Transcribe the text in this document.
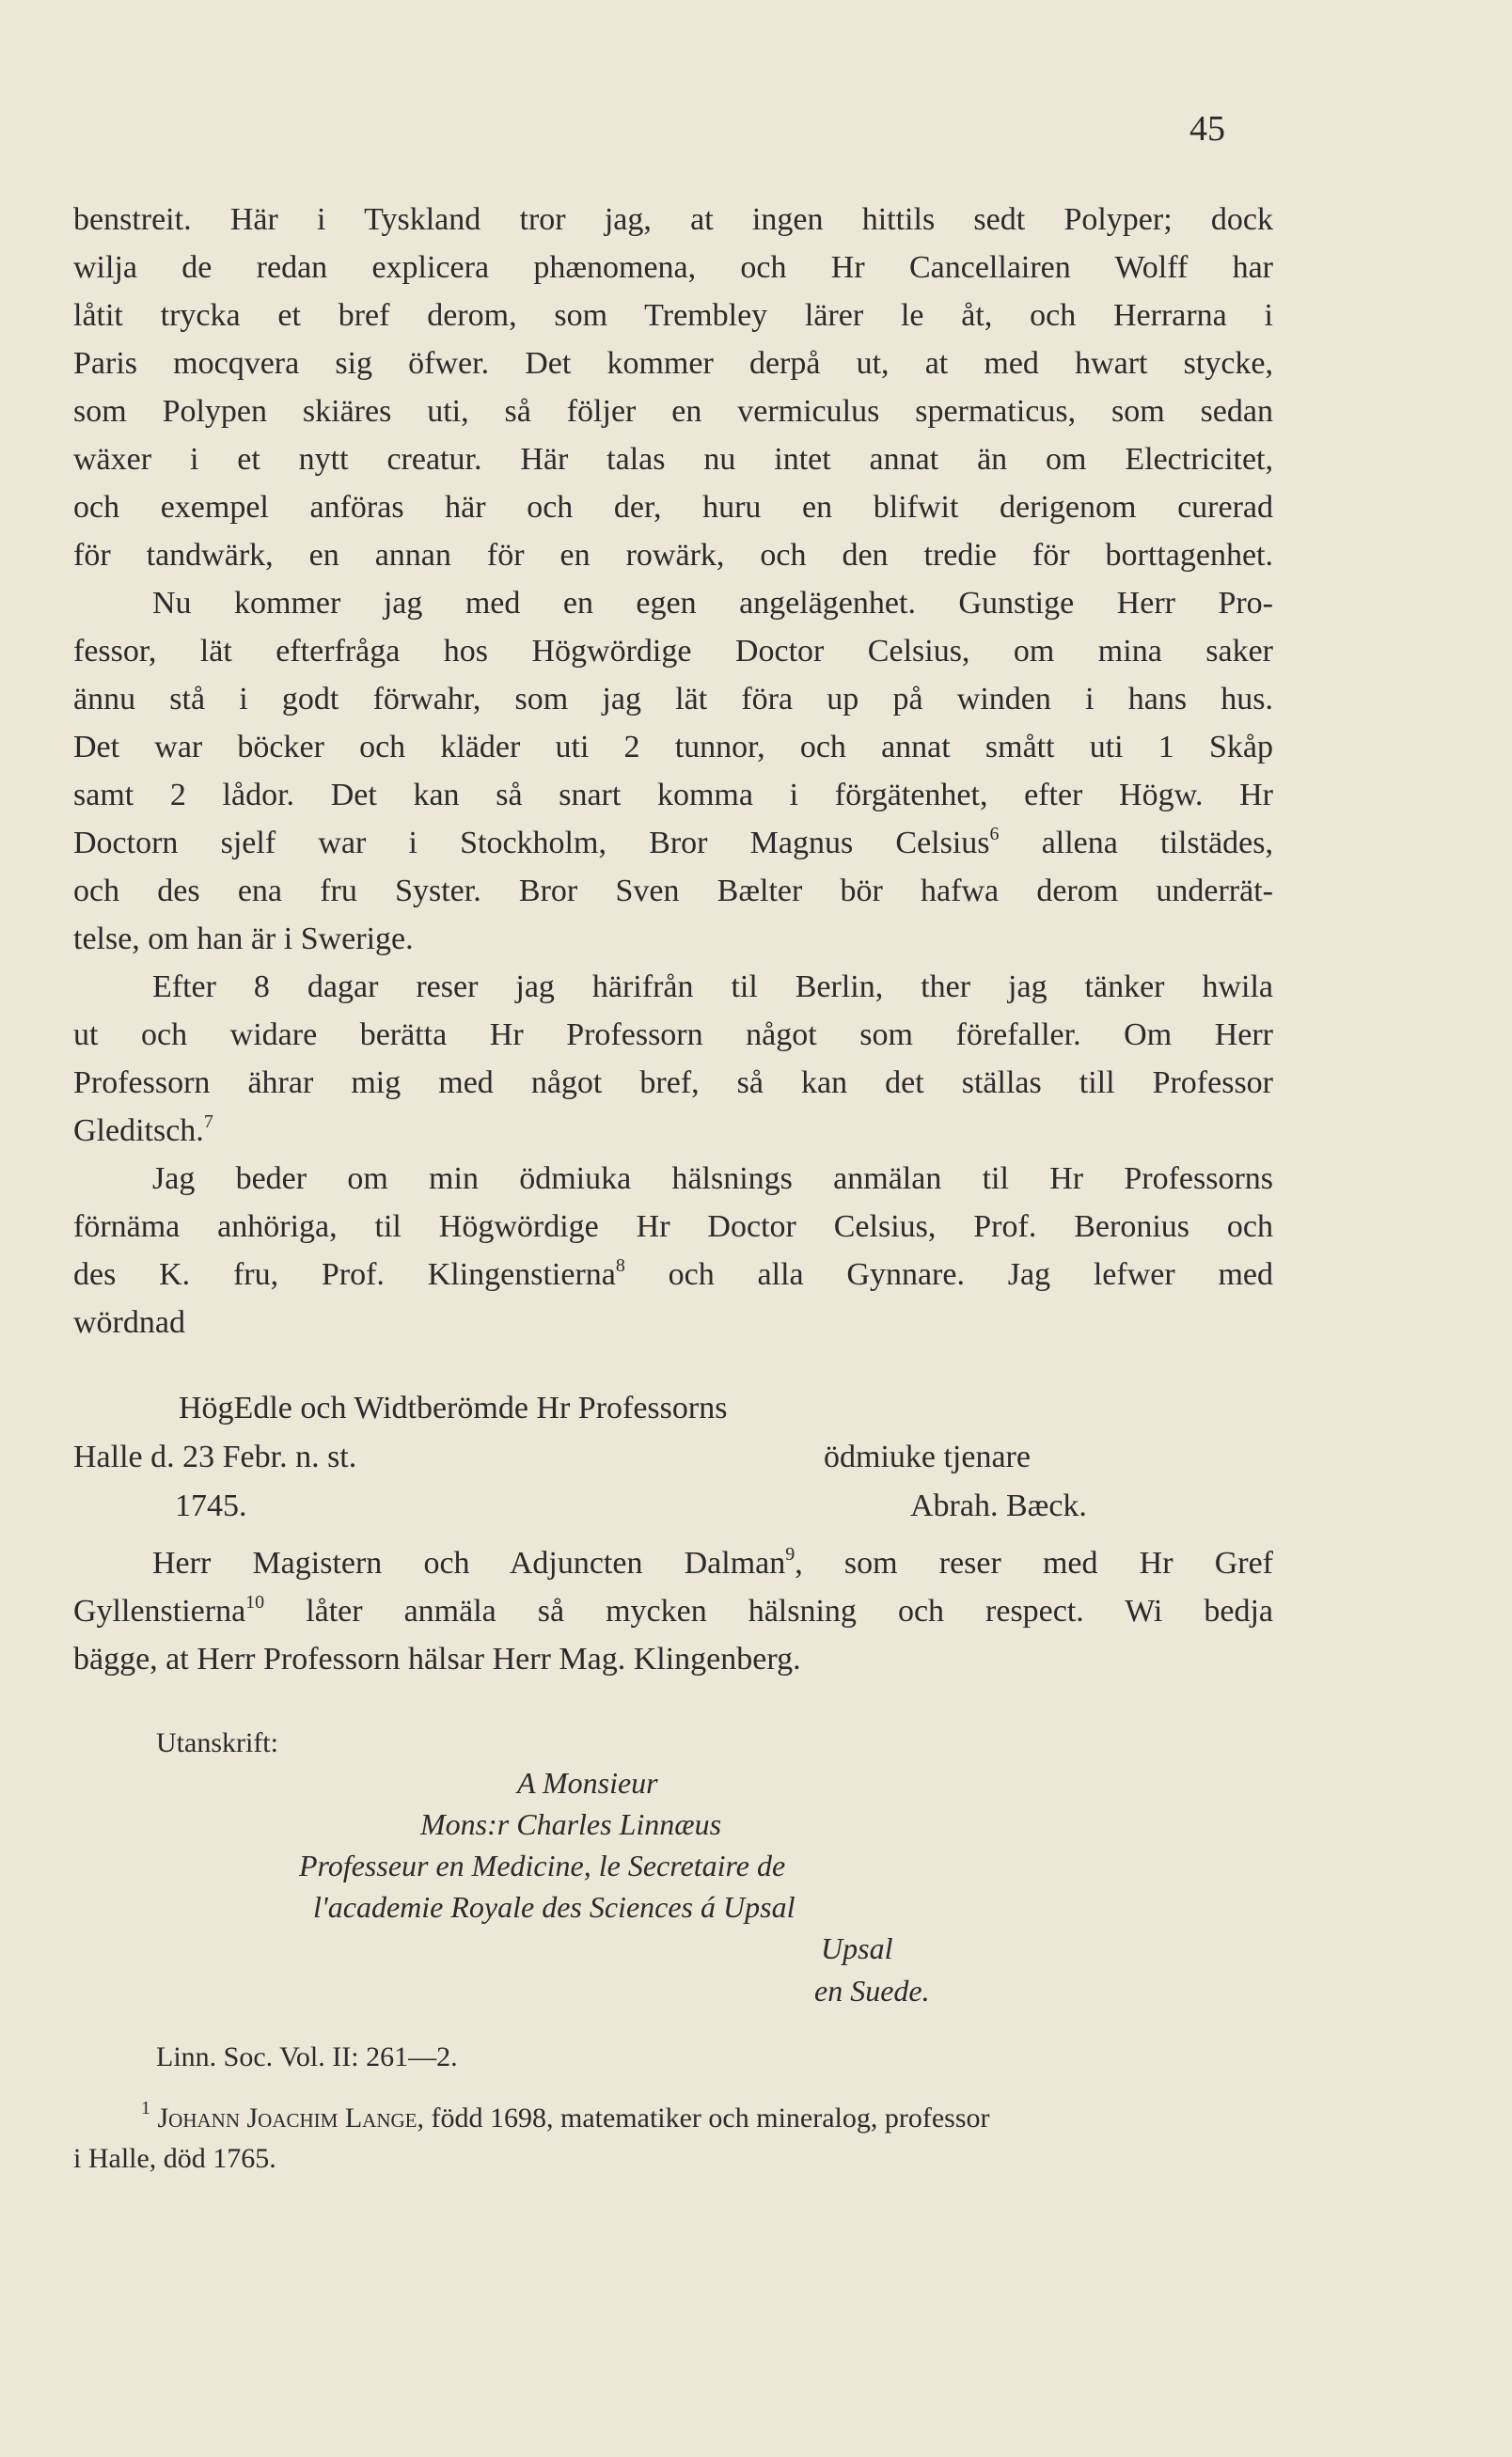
45
benstreit. Här i Tyskland tror jag, at ingen hittils sedt Polyper; dock
wilja de redan explicera phænomena, och Hr Cancellairen Wolff har
låtit trycka et bref derom, som Trembley lärer le åt, och Herrarna i
Paris mocqvera sig öfwer. Det kommer derpå ut, at med hwart stycke,
som Polypen skiäres uti, så följer en vermiculus spermaticus, som sedan
wäxer i et nytt creatur. Här talas nu intet annat än om Electricitet,
och exempel anföras här och der, huru en blifwit derigenom curerad
för tandwärk, en annan för en rowärk, och den tredie för borttagenhet.
Nu kommer jag med en egen angelägenhet. Gunstige Herr Pro-
fessor, lät efterfråga hos Högwördige Doctor Celsius, om mina saker
ännu stå i godt förwahr, som jag lät föra up på winden i hans hus.
Det war böcker och kläder uti 2 tunnor, och annat smått uti 1 Skåp
samt 2 lådor. Det kan så snart komma i förgätenhet, efter Högw. Hr
Doctorn sjelf war i Stockholm, Bror Magnus Celsius$^6$ allena tilstädes,
och des ena fru Syster. Bror Sven Bælter bör hafwa derom underrät-
telse, om han är i Swerige.
Efter 8 dagar reser jag härifrån til Berlin, ther jag tänker hwila
ut och widare berätta Hr Professorn något som förefaller. Om Herr
Professorn ährar mig med något bref, så kan det ställas till Professor
Gleditsch.$^7$
Jag beder om min ödmiuka hälsnings anmälan til Hr Professorns
förnäma anhöriga, til Högwördige Hr Doctor Celsius, Prof. Beronius och
des K. fru, Prof. Klingenstierna$^8$ och alla Gynnare. Jag lefwer med
wördnad
HögEdle och Widtberömde Hr Professorns
Halle d. 23 Febr. n. st.	ödmiuke tjenare
1745.	Abrah. Bæck.
Herr Magistern och Adjuncten Dalman$^9$, som reser med Hr Gref
Gyllenstierna$^{10}$ låter anmäla så mycken hälsning och respect. Wi bedja
bägge, at Herr Professorn hälsar Herr Mag. Klingenberg.
Utanskrift:
A Monsieur
Mons:r Charles Linnæus
Professeur en Medicine, le Secretaire de
l'academie Royale des Sciences á Upsal
Upsal
en Suede.
Linn. Soc. Vol. II: 261—2.
$^1$ Johann Joachim Lange, född 1698, matematiker och mineralog, professor
i Halle, död 1765.
